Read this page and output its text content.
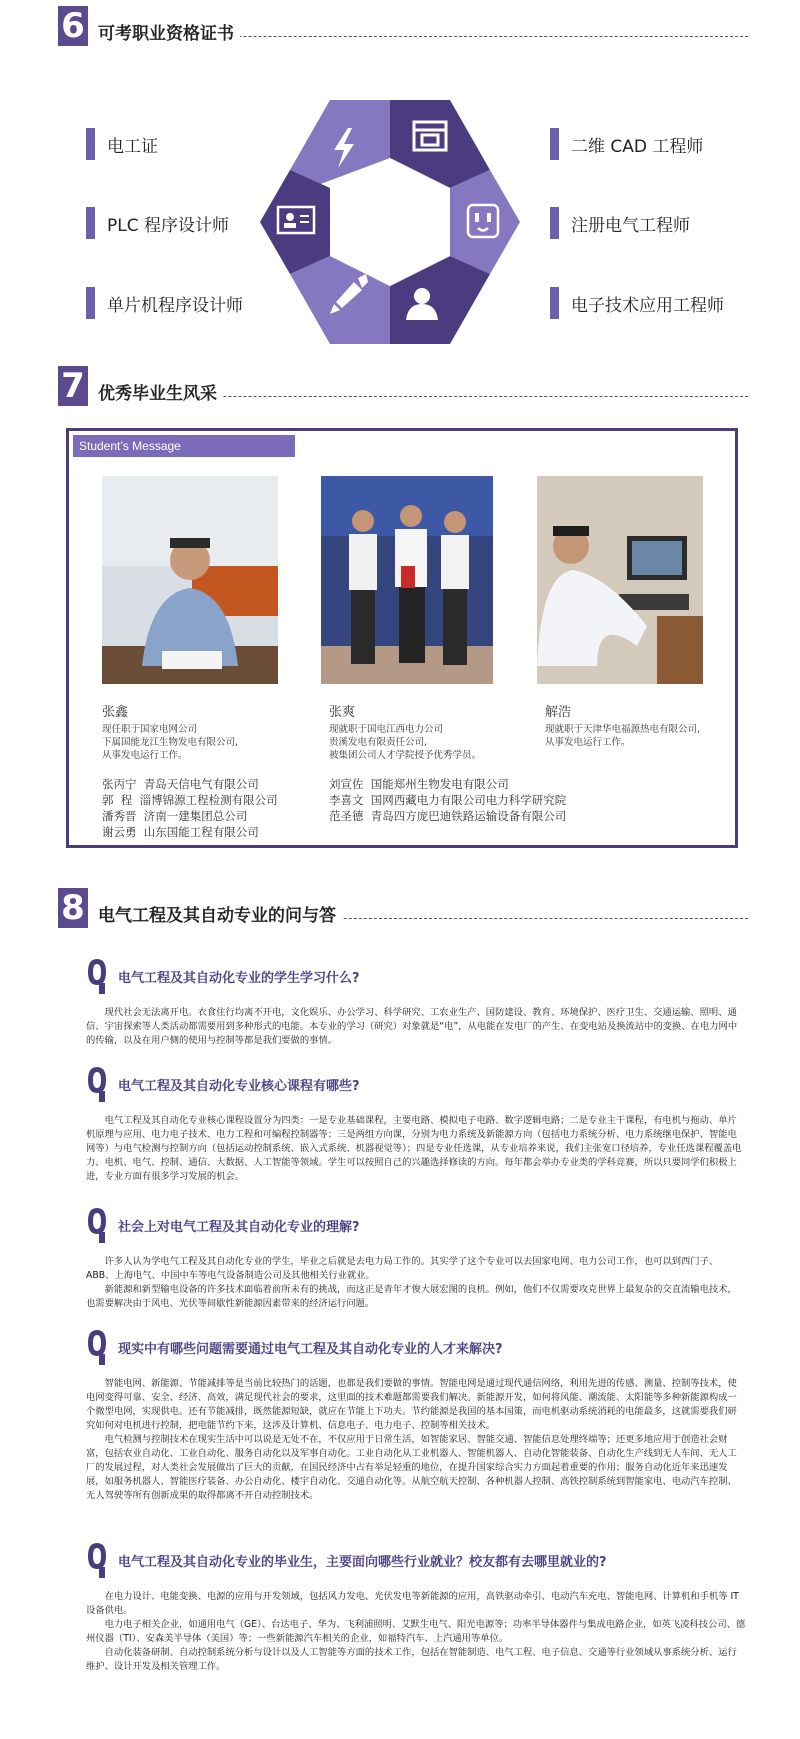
6 可考职业资格证书
电工证
PLC 程序设计师
单片机程序设计师
二维 CAD 工程师
注册电气工程师
电子技术应用工程师
7 优秀毕业生风采
Student’s Message
张鑫
现任职于国家电网公司
下属国能龙江生物发电有限公司,
从事发电运行工作。
张爽
现就职于国电江西电力公司
贵溪发电有限责任公司,
被集团公司人才学院授予优秀学员。
解浩
现就职于天津华电福源热电有限公司,
从事发电运行工作。
张丙宁  青岛天信电气有限公司
郭  程  淄博锦源工程检测有限公司
潘秀晋  济南一建集团总公司
谢云勇  山东国能工程有限公司
刘宣佐  国能郑州生物发电有限公司
李喜文  国网西藏电力有限公司电力科学研究院
范圣德  青岛四方庞巴迪铁路运输设备有限公司
8 电气工程及其自动专业的问与答
电气工程及其自动化专业的学生学习什么?

现代社会无法离开电。衣食住行均离不开电，文化娱乐、办公学习、科学研究、工农业生产、国防建设、教育、环境保护、医疗卫生、交通运输、照明、通信、宇宙探索等人类活动都需要用到多种形式的电能。本专业的学习（研究）对象就是“电”，从电能在发电厂的产生、在变电站及换流站中的变换、在电力网中的传输，以及在用户侧的使用与控制等都是我们要做的事情。

电气工程及其自动化专业核心课程有哪些?

电气工程及其自动化专业核心课程设置分为四类：一是专业基础课程，主要电路、模拟电子电路、数字逻辑电路；二是专业主干课程，有电机与拖动、单片机原理与应用、电力电子技术、电力工程和可编程控制器等；三是两组方向课，分别为电力系统及新能源方向（包括电力系统分析、电力系统继电保护、智能电网等）与电气检测与控制方向（包括运动控制系统、嵌入式系统、机器视觉等）；四是专业任选课，从专业培养来说，我们主张宽口径培养，专业任选课程覆盖电力、电机、电气、控制、通信、大数据、人工智能等领域。学生可以按照自己的兴趣选择修读的方向。每年都会举办专业类的学科竞赛，所以只要同学们积极上进，专业方面有很多学习发展的机会。

社会上对电气工程及其自动化专业的理解?

许多人认为学电气工程及其自动化专业的学生，毕业之后就是去电力局工作的。其实学了这个专业可以去国家电网、电力公司工作，也可以到西门子、ABB、上海电气、中国中车等电气设备制造公司及其他相关行业就业。

新能源和新型输电设备的许多技术面临着前所未有的挑战，而这正是青年才俊大展宏图的良机。例如，他们不仅需要攻克世界上最复杂的交直流输电技术，也需要解决由于风电、光伏等间歇性新能源因素带来的经济运行问题。

现实中有哪些问题需要通过电气工程及其自动化专业的人才来解决?

智能电网、新能源、节能减排等是当前比较热门的话题，也都是我们要做的事情。智能电网是通过现代通信网络，利用先进的传感、测量、控制等技术，使电网变得可靠、安全、经济、高效，满足现代社会的要求，这里面的技术难题都需要我们解决。新能源开发，如何将风能、潮流能、太阳能等多种新能源构成一个微型电网，实现供电。还有节能减排，既然能源短缺，就应在节能上下功夫。节约能源是我国的基本国策，而电机驱动系统消耗的电能最多，这就需要我们研究如何对电机进行控制，把电能节约下来，这涉及计算机、信息电子、电力电子、控制等相关技术。

电气检测与控制技术在现实生活中可以说是无处不在，不仅应用于日常生活，如智能家居、智能交通、智能信息处理终端等；还更多地应用于创造社会财富，包括农业自动化、工业自动化、服务自动化以及军事自动化。工业自动化从工业机器人、智能机器人、自动化智能装备、自动化生产线到无人车间、无人工厂的发展过程，对人类社会发展做出了巨大的贡献，在国民经济中占有举足轻重的地位，在提升国家综合实力方面起着重要的作用；服务自动化近年来迅速发展，如服务机器人、智能医疗装备、办公自动化、楼宇自动化、交通自动化等。从航空航天控制、各种机器人控制、高铁控制系统到智能家电、电动汽车控制、无人驾驶等所有创新成果的取得都离不开自动控制技术。

电气工程及其自动化专业的毕业生，主要面向哪些行业就业？校友都有去哪里就业的?

在电力设计、电能变换、电源的应用与开发领域，包括风力发电、光伏发电等新能源的应用，高铁驱动牵引、电动汽车充电、智能电网、计算机和手机等 IT 设备供电。

电力电子相关企业，如通用电气（GE）、台达电子、华为、飞利浦照明、艾默生电气、阳光电源等；功率半导体器件与集成电路企业，如英飞凌科技公司、德州仪器（TI）、安森美半导体（美国）等；一些新能源汽车相关的企业，如福特汽车、上汽通用等单位。

自动化装备研制、自动控制系统分析与设计以及人工智能等方面的技术工作，包括在智能制造、电气工程、电子信息、交通等行业领域从事系统分析、运行维护、设计开发及相关管理工作。
